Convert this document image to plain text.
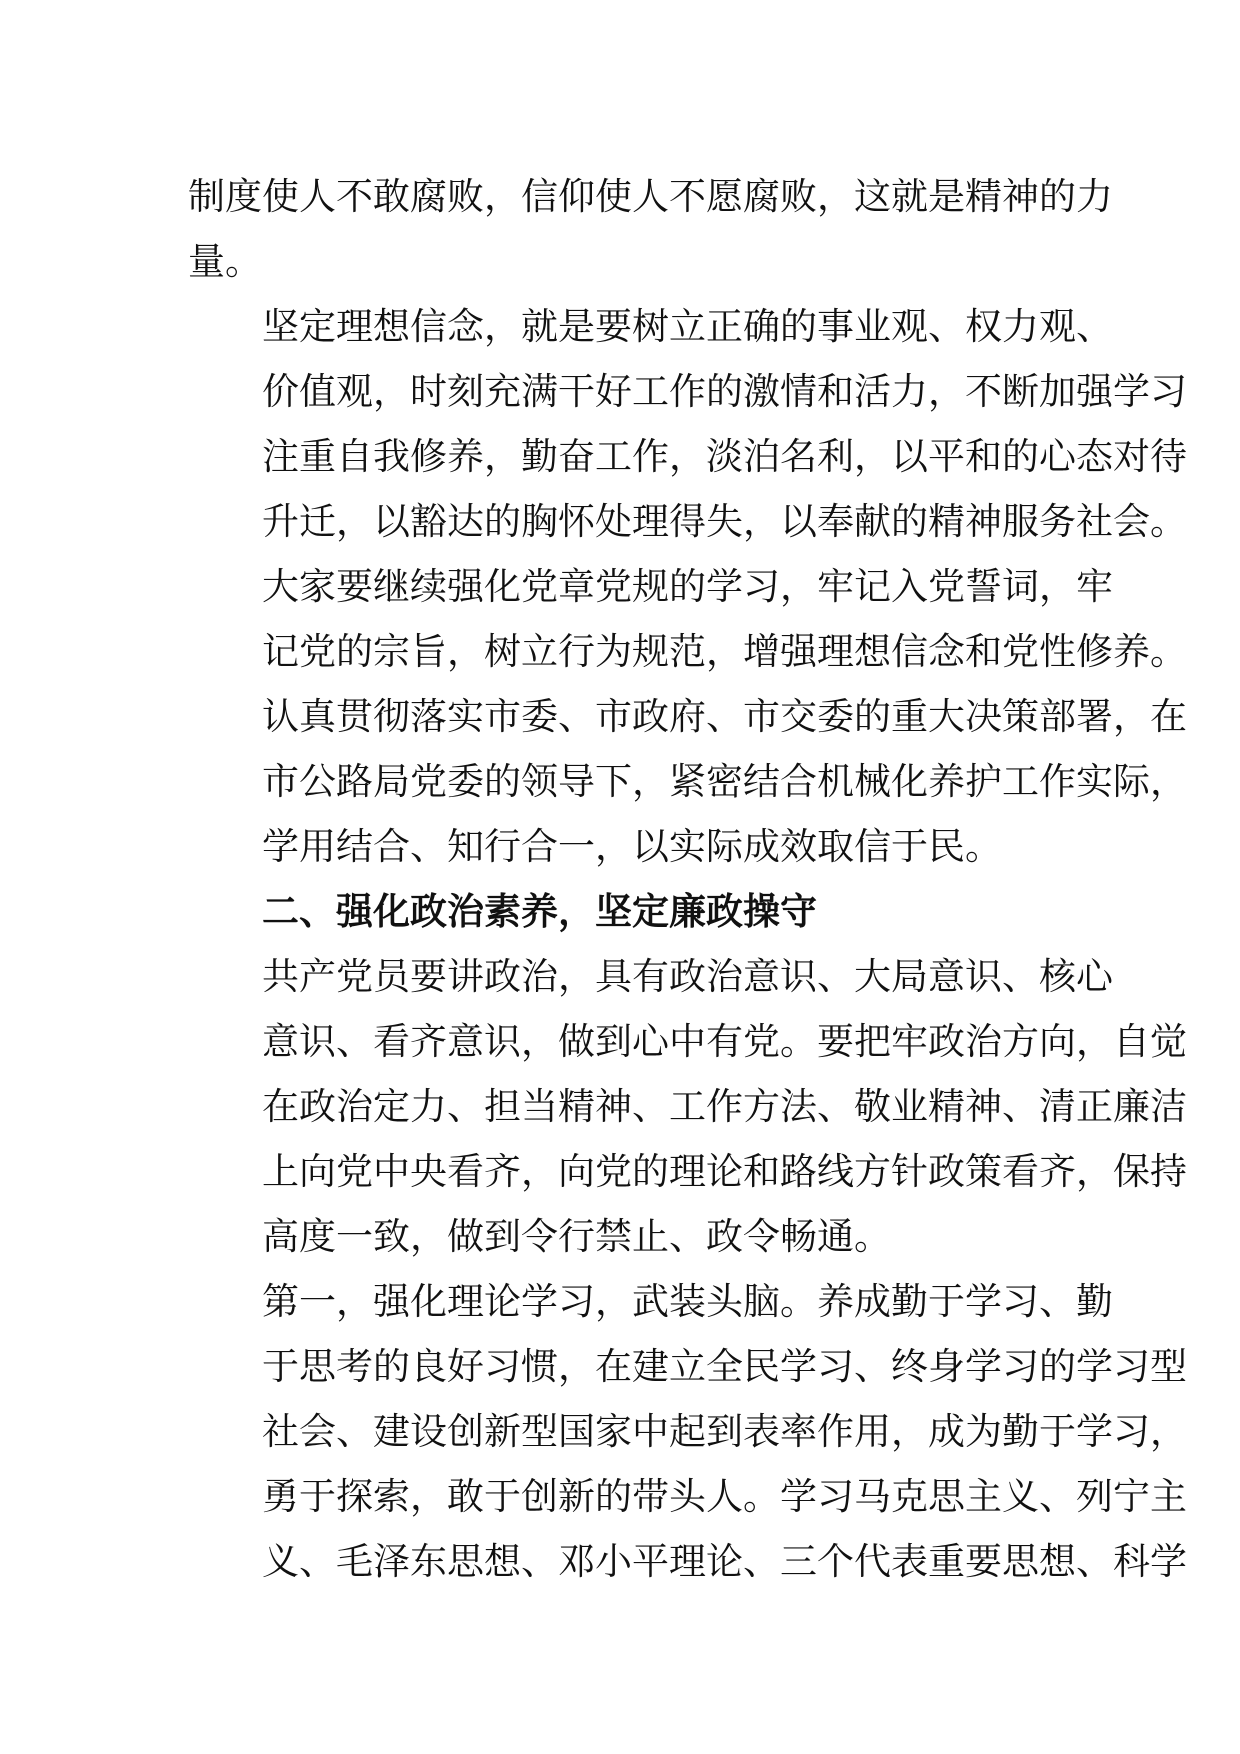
制度使人不敢腐败，信仰使人不愿腐败，这就是精神的力
量。

坚定理想信念，就是要树立正确的事业观、权力观、
价值观，时刻充满干好工作的激情和活力，不断加强学习
注重自我修养，勤奋工作，淡泊名利，以平和的心态对待
升迁，以豁达的胸怀处理得失，以奉献的精神服务社会。

大家要继续强化党章党规的学习，牢记入党誓词，牢
记党的宗旨，树立行为规范，增强理想信念和党性修养。
认真贯彻落实市委、市政府、市交委的重大决策部署，在
市公路局党委的领导下，紧密结合机械化养护工作实际，
学用结合、知行合一，以实际成效取信于民。

二、强化政治素养，坚定廉政操守

共产党员要讲政治，具有政治意识、大局意识、核心
意识、看齐意识，做到心中有党。要把牢政治方向，自觉
在政治定力、担当精神、工作方法、敬业精神、清正廉洁
上向党中央看齐，向党的理论和路线方针政策看齐，保持
高度一致，做到令行禁止、政令畅通。

第一，强化理论学习，武装头脑。养成勤于学习、勤
于思考的良好习惯，在建立全民学习、终身学习的学习型
社会、建设创新型国家中起到表率作用，成为勤于学习，
勇于探索，敢于创新的带头人。学习马克思主义、列宁主
义、毛泽东思想、邓小平理论、三个代表重要思想、科学
